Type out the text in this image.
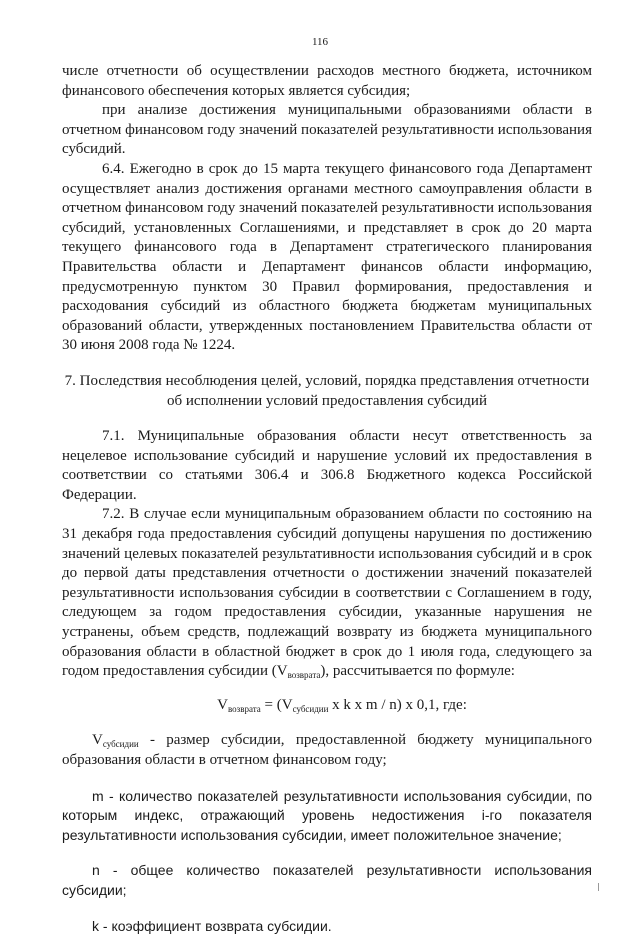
116

числе отчетности об осуществлении расходов местного бюджета, источником финансового обеспечения которых является субсидия;

при анализе достижения муниципальными образованиями области в отчетном финансовом году значений показателей результативности использования субсидий.

6.4. Ежегодно в срок до 15 марта текущего финансового года Департамент осуществляет анализ достижения органами местного самоуправления области в отчетном финансовом году значений показателей результативности использования субсидий, установленных Соглашениями, и представляет в срок до 20 марта текущего финансового года в Департамент стратегического планирования Правительства области и Департамент финансов области информацию, предусмотренную пунктом 30 Правил формирования, предоставления и расходования субсидий из областного бюджета бюджетам муниципальных образований области, утвержденных постановлением Правительства области от 30 июня 2008 года № 1224.

7. Последствия несоблюдения целей, условий, порядка представления отчетности об исполнении условий предоставления субсидий

7.1. Муниципальные образования области несут ответственность за нецелевое использование субсидий и нарушение условий их предоставления в соответствии со статьями 306.4 и 306.8 Бюджетного кодекса Российской Федерации.

7.2. В случае если муниципальным образованием области по состоянию на 31 декабря года предоставления субсидий допущены нарушения по достижению значений целевых показателей результативности использования субсидий и в срок до первой даты представления отчетности о достижении значений показателей результативности использования субсидии в соответствии с Соглашением в году, следующем за годом предоставления субсидии, указанные нарушения не устранены, объем средств, подлежащий возврату из бюджета муниципального образования области в областной бюджет в срок до 1 июля года, следующего за годом предоставления субсидии $(V_{возврата})$, рассчитывается по формуле:

$V_{возврата} = (V_{субсидии}$ x k x m / n) x 0,1, где:

$V_{субсидии}$ - размер субсидии, предоставленной бюджету муниципального образования области в отчетном финансовом году;

m - количество показателей результативности использования субсидии, по которым индекс, отражающий уровень недостижения i-го показателя результативности использования субсидии, имеет положительное значение;

n - общее количество показателей результативности использования субсидии;

k - коэффициент возврата субсидии.
